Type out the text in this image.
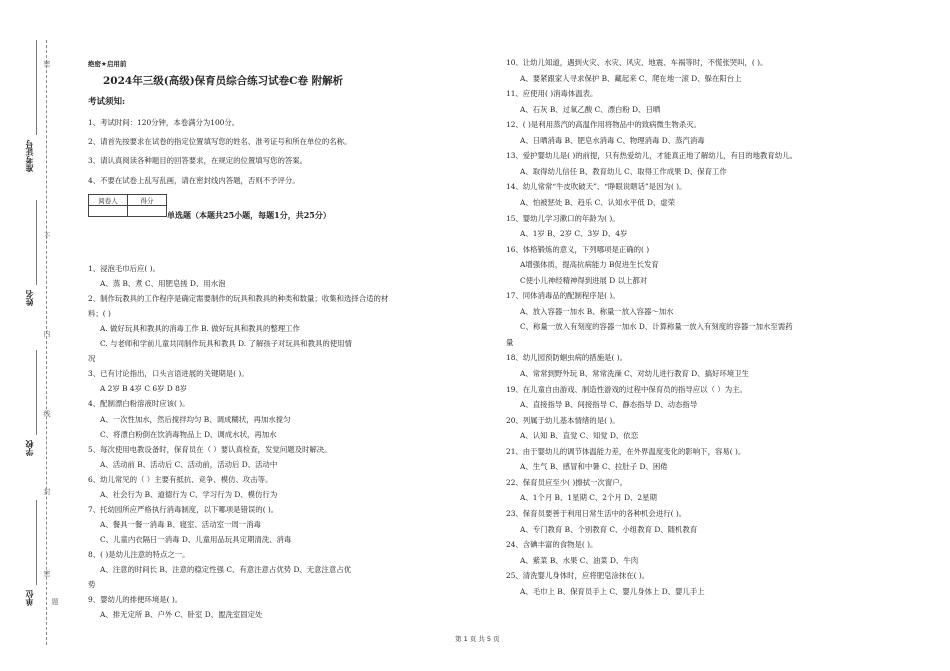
准考证号
姓名
学校
单位
密
不
内
线
封
密
题
绝密★启用前
2024年三级(高级)保育员综合练习试卷C卷 附解析
考试须知:
1、考试时间：120分钟，本卷满分为100分。
2、请首先按要求在试卷的指定位置填写您的姓名、准考证号和所在单位的名称。
3、请认真阅读各种题目的回答要求，在规定的位置填写您的答案。
4、不要在试卷上乱写乱画，请在密封线内答题，否则不予评分。
阅卷人	得分

单选题（本题共25小题，每题1分，共25分）
1、浸泡毛巾后应( )。
A、蒸 B、煮 C、用肥皂搓 D、用水泡
2、制作玩教具的工作程序是确定需要制作的玩具和教具的种类和数量；收集和选择合适的材
料；( )
A. 做好玩具和教具的消毒工作 B. 做好玩具和教具的整理工作
C. 与老师和学前儿童共同制作玩具和教具 D. 了解孩子对玩具和教具的使用情
况
3、已有讨论指出，口头言语进展的关键期是( )。
A 2岁 B 4岁 C 6岁 D 8岁
4、配制漂白粉溶液时应该( )。
A、一次性加水，然后搅拌均匀 B、调成糊状，再加水搅匀
C、将漂白粉倒在饮消毒物品上 D、调成水状，再加水
5、每次使用电教设备时，保育员在（ ）要认真检查，发觉问题及时解决。
A、活动前 B、活动后 C、活动前，活动后 D、活动中
6、幼儿常见的（ ）主要有抵抗、竞争、模仿、攻击等。
A、社会行为 B、道德行为 C、学习行为 D、模仿行为
7、托幼园所应严格执行消毒制度，以下哪项是错误的( )。
A、餐具一餐一消毒 B、寝室、活动室一周一消毒
C、儿童内衣隔日一消毒 D、儿童用品玩具定期清洗、消毒
8、( )是幼儿注意的特点之一。
A、注意的时间长 B、注意的稳定性强 C、有意注意占优势 D、无意注意占优
势
9、婴幼儿的排便环境是( )。
A、排无定所 B、户外 C、卧室 D、盥洗室固定处
10、让幼儿知道，遇到火灾、水灾、风灾、地震、车祸等时，不慌张哭叫，( )。
A、要紧跟家人寻求保护 B、藏起来 C、爬在地一滚 D、躲在阳台上
11、应使用( )消毒体温表。
A、石灰 B、过氧乙酸 C、漂白粉 D、日晒
12、( )是利用蒸汽的高温作用将物品中的致病微生物杀灭。
A、日晒消毒 B、肥皂水消毒 C、物理消毒 D、蒸汽消毒
13、爱护婴幼儿是( )的前提，只有热爱幼儿，才能真正地了解幼儿，有目的地教育幼儿。
A、取得幼儿信任 B、教育幼儿 C、取得工作成果 D、保育工作
14、幼儿常常“牛皮吹破天”、“睁眼说瞎话”是因为( )。
A、怕被惩处 B、趋乐 C、认知水平低 D、虚荣
15、婴幼儿学习漱口的年龄为( )。
A、1岁 B、2岁 C、3岁 D、4岁
16、体格锻炼的意义，下列哪项是正确的( )
A增强体质，提高抗病能力 B促进生长发育
C使小儿神经精神得到进展 D 以上都对
17、同体消毒品的配制程序是( )。
A、放入容器一加水 B、称量一放入容器～加水
C、称量一放入有刻度的容器一加水 D、计算称量一放入有刻度的容器一加水至需药
量
18、幼儿园预防蛔虫病的措施是( )。
A、常常到野外玩 B、常常洗澡 C、对幼儿进行教育 D、搞好环境卫生
19、在儿童自由游戏、制造性游戏的过程中保育员的指导应以（ ）为主。
A、直接指导 B、间接指导 C、静态指导 D、动态指导
20、列属于幼儿基本情绪的是( )。
A、认知 B、直觉 C、知觉 D、依恋
21、由于婴幼儿的调节体温能力差，在外界温度变化的影响下，容易( )。
A、生气 B、感冒和中暑 C、拉肚子 D、困倦
22、保育员应至少( )擦拭一次窗户。
A、1个月 B、1星期 C、2个月 D、2星期
23、保育员要善于利用日常生活中的各种机会进行( )。
A、专门教育 B、个别教育 C、小组教育 D、随机教育
24、含碘丰富的食物是( )。
A、紫菜 B、水果 C、油菜 D、牛肉
25、清洗婴儿身体时，应将肥皂涂抹在( )。
A、毛巾上 B、保育员手上 C、婴儿身体上 D、婴儿手上
第 1 页 共 5 页
